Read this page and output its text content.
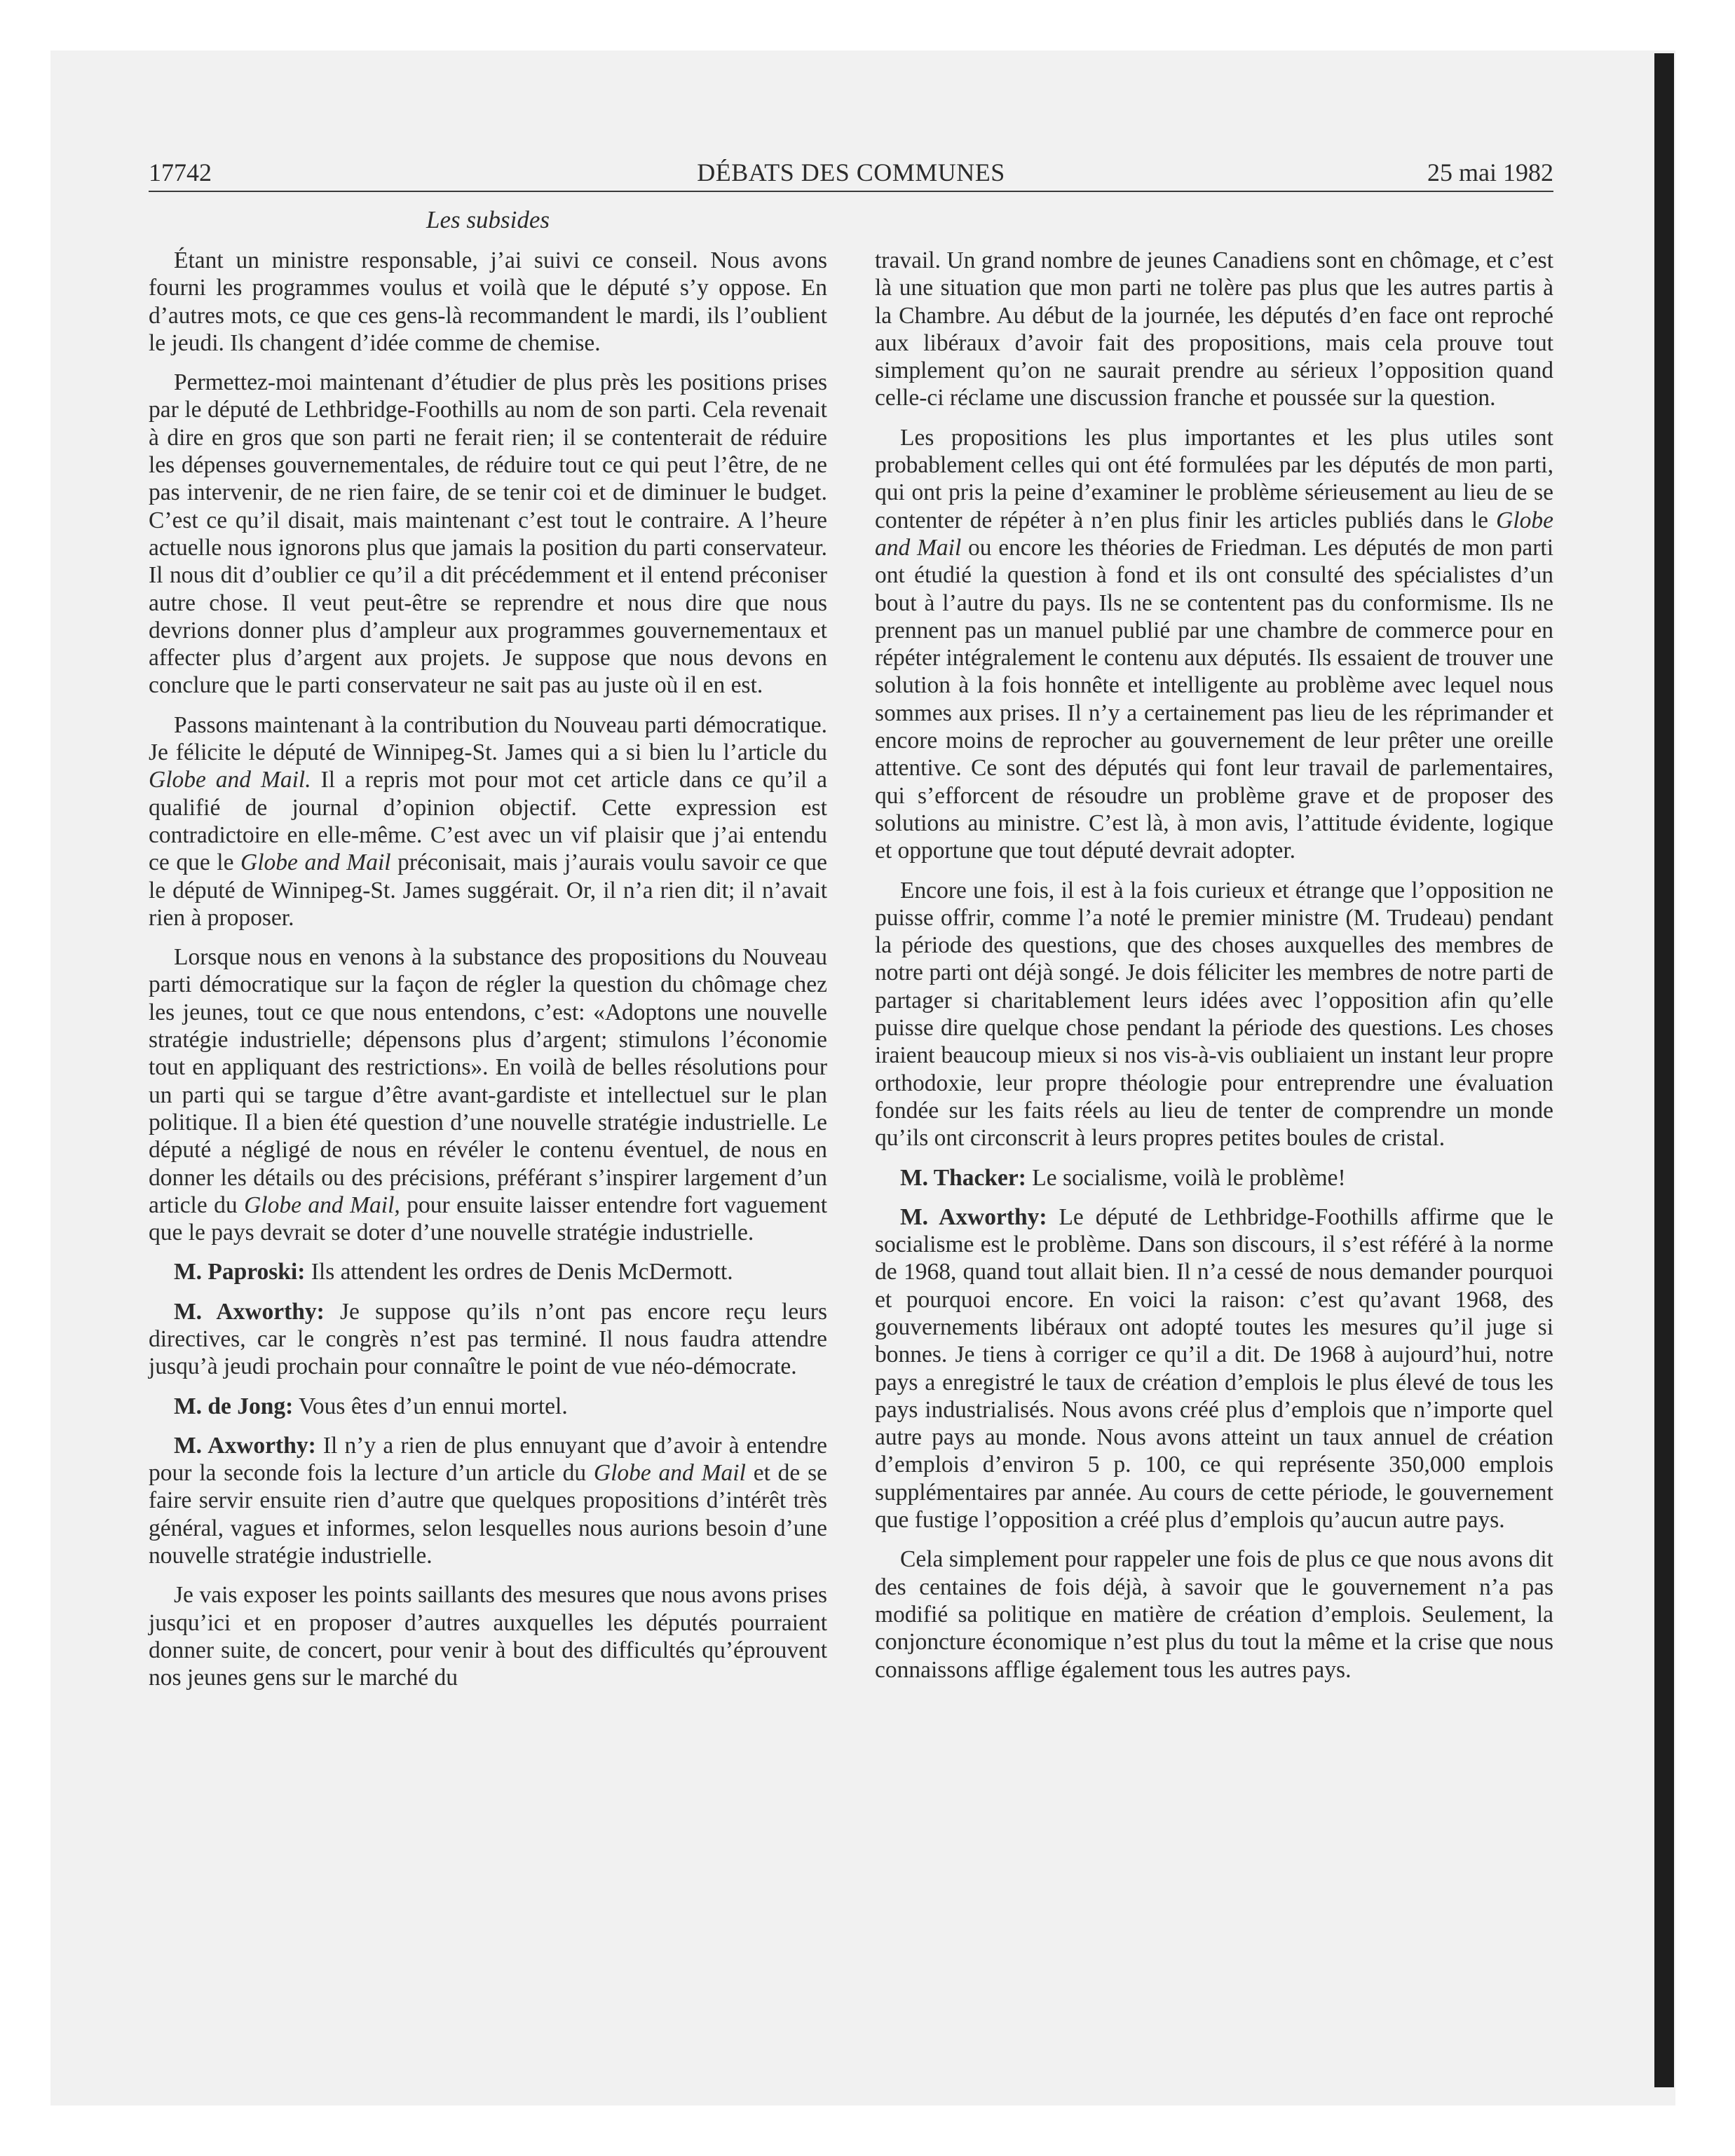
17742	DÉBATS DES COMMUNES	25 mai 1982
Les subsides

Étant un ministre responsable, j’ai suivi ce conseil. Nous avons fourni les programmes voulus et voilà que le député s’y oppose. En d’autres mots, ce que ces gens-là recommandent le mardi, ils l’oublient le jeudi. Ils changent d’idée comme de chemise.

Permettez-moi maintenant d’étudier de plus près les positions prises par le député de Lethbridge-Foothills au nom de son parti. Cela revenait à dire en gros que son parti ne ferait rien; il se contenterait de réduire les dépenses gouvernementales, de réduire tout ce qui peut l’être, de ne pas intervenir, de ne rien faire, de se tenir coi et de diminuer le budget. C’est ce qu’il disait, mais maintenant c’est tout le contraire. A l’heure actuelle nous ignorons plus que jamais la position du parti conservateur. Il nous dit d’oublier ce qu’il a dit précédemment et il entend préconiser autre chose. Il veut peut-être se reprendre et nous dire que nous devrions donner plus d’ampleur aux programmes gouvernementaux et affecter plus d’argent aux projets. Je suppose que nous devons en conclure que le parti conservateur ne sait pas au juste où il en est.

Passons maintenant à la contribution du Nouveau parti démocratique. Je félicite le député de Winnipeg-St. James qui a si bien lu l’article du Globe and Mail. Il a repris mot pour mot cet article dans ce qu’il a qualifié de journal d’opinion objectif. Cette expression est contradictoire en elle-même. C’est avec un vif plaisir que j’ai entendu ce que le Globe and Mail préconisait, mais j’aurais voulu savoir ce que le député de Winnipeg-St. James suggérait. Or, il n’a rien dit; il n’avait rien à proposer.

Lorsque nous en venons à la substance des propositions du Nouveau parti démocratique sur la façon de régler la question du chômage chez les jeunes, tout ce que nous entendons, c’est: «Adoptons une nouvelle stratégie industrielle; dépensons plus d’argent; stimulons l’économie tout en appliquant des restrictions». En voilà de belles résolutions pour un parti qui se targue d’être avant-gardiste et intellectuel sur le plan politique. Il a bien été question d’une nouvelle stratégie industrielle. Le député a négligé de nous en révéler le contenu éventuel, de nous en donner les détails ou des précisions, préférant s’inspirer largement d’un article du Globe and Mail, pour ensuite laisser entendre fort vaguement que le pays devrait se doter d’une nouvelle stratégie industrielle.

M. Paproski: Ils attendent les ordres de Denis McDermott.

M. Axworthy: Je suppose qu’ils n’ont pas encore reçu leurs directives, car le congrès n’est pas terminé. Il nous faudra attendre jusqu’à jeudi prochain pour connaître le point de vue néo-démocrate.

M. de Jong: Vous êtes d’un ennui mortel.

M. Axworthy: Il n’y a rien de plus ennuyant que d’avoir à entendre pour la seconde fois la lecture d’un article du Globe and Mail et de se faire servir ensuite rien d’autre que quelques propositions d’intérêt très général, vagues et informes, selon lesquelles nous aurions besoin d’une nouvelle stratégie industrielle.

Je vais exposer les points saillants des mesures que nous avons prises jusqu’ici et en proposer d’autres auxquelles les députés pourraient donner suite, de concert, pour venir à bout des difficultés qu’éprouvent nos jeunes gens sur le marché du

travail. Un grand nombre de jeunes Canadiens sont en chômage, et c’est là une situation que mon parti ne tolère pas plus que les autres partis à la Chambre. Au début de la journée, les députés d’en face ont reproché aux libéraux d’avoir fait des propositions, mais cela prouve tout simplement qu’on ne saurait prendre au sérieux l’opposition quand celle-ci réclame une discussion franche et poussée sur la question.

Les propositions les plus importantes et les plus utiles sont probablement celles qui ont été formulées par les députés de mon parti, qui ont pris la peine d’examiner le problème sérieusement au lieu de se contenter de répéter à n’en plus finir les articles publiés dans le Globe and Mail ou encore les théories de Friedman. Les députés de mon parti ont étudié la question à fond et ils ont consulté des spécialistes d’un bout à l’autre du pays. Ils ne se contentent pas du conformisme. Ils ne prennent pas un manuel publié par une chambre de commerce pour en répéter intégralement le contenu aux députés. Ils essaient de trouver une solution à la fois honnête et intelligente au problème avec lequel nous sommes aux prises. Il n’y a certainement pas lieu de les réprimander et encore moins de reprocher au gouvernement de leur prêter une oreille attentive. Ce sont des députés qui font leur travail de parlementaires, qui s’efforcent de résoudre un problème grave et de proposer des solutions au ministre. C’est là, à mon avis, l’attitude évidente, logique et opportune que tout député devrait adopter.

Encore une fois, il est à la fois curieux et étrange que l’opposition ne puisse offrir, comme l’a noté le premier ministre (M. Trudeau) pendant la période des questions, que des choses auxquelles des membres de notre parti ont déjà songé. Je dois féliciter les membres de notre parti de partager si charitablement leurs idées avec l’opposition afin qu’elle puisse dire quelque chose pendant la période des questions. Les choses iraient beaucoup mieux si nos vis-à-vis oubliaient un instant leur propre orthodoxie, leur propre théologie pour entreprendre une évaluation fondée sur les faits réels au lieu de tenter de comprendre un monde qu’ils ont circonscrit à leurs propres petites boules de cristal.

M. Thacker: Le socialisme, voilà le problème!

M. Axworthy: Le député de Lethbridge-Foothills affirme que le socialisme est le problème. Dans son discours, il s’est référé à la norme de 1968, quand tout allait bien. Il n’a cessé de nous demander pourquoi et pourquoi encore. En voici la raison: c’est qu’avant 1968, des gouvernements libéraux ont adopté toutes les mesures qu’il juge si bonnes. Je tiens à corriger ce qu’il a dit. De 1968 à aujourd’hui, notre pays a enregistré le taux de création d’emplois le plus élevé de tous les pays industrialisés. Nous avons créé plus d’emplois que n’importe quel autre pays au monde. Nous avons atteint un taux annuel de création d’emplois d’environ 5 p. 100, ce qui représente 350,000 emplois supplémentaires par année. Au cours de cette période, le gouvernement que fustige l’opposition a créé plus d’emplois qu’aucun autre pays.

Cela simplement pour rappeler une fois de plus ce que nous avons dit des centaines de fois déjà, à savoir que le gouvernement n’a pas modifié sa politique en matière de création d’emplois. Seulement, la conjoncture économique n’est plus du tout la même et la crise que nous connaissons afflige également tous les autres pays.
